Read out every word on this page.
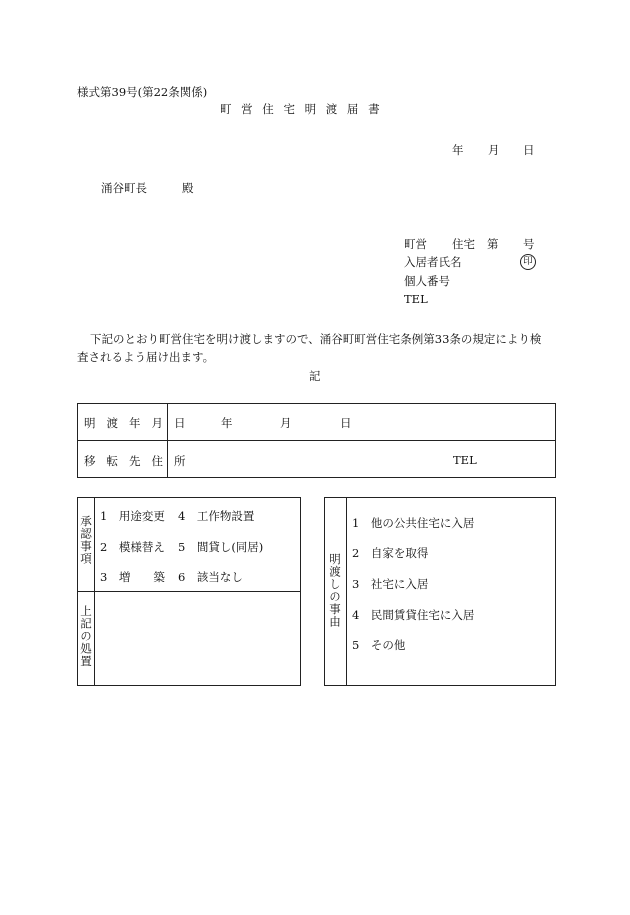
様式第39号(第22条関係)
町 営 住 宅 明 渡 届 書
年 月 日
涌谷町長	殿
町営 住宅 第 号
入居者氏名	印
個人番号
TEL
下記のとおり町営住宅を明け渡しますので、涌谷町町営住宅条例第33条の規定により検
査されるよう届け出ます。
記
明渡年月日 年	月	日
移転先住所	TEL
承認事項 1　用途変更 4　工作物設置
2　模様替え 5　間貸し(同居)
3　増　　築 6　該当なし
上記の処置
明渡しの事由
1　他の公共住宅に入居
2　自家を取得
3　社宅に入居
4　民間賃貸住宅に入居
5　その他
